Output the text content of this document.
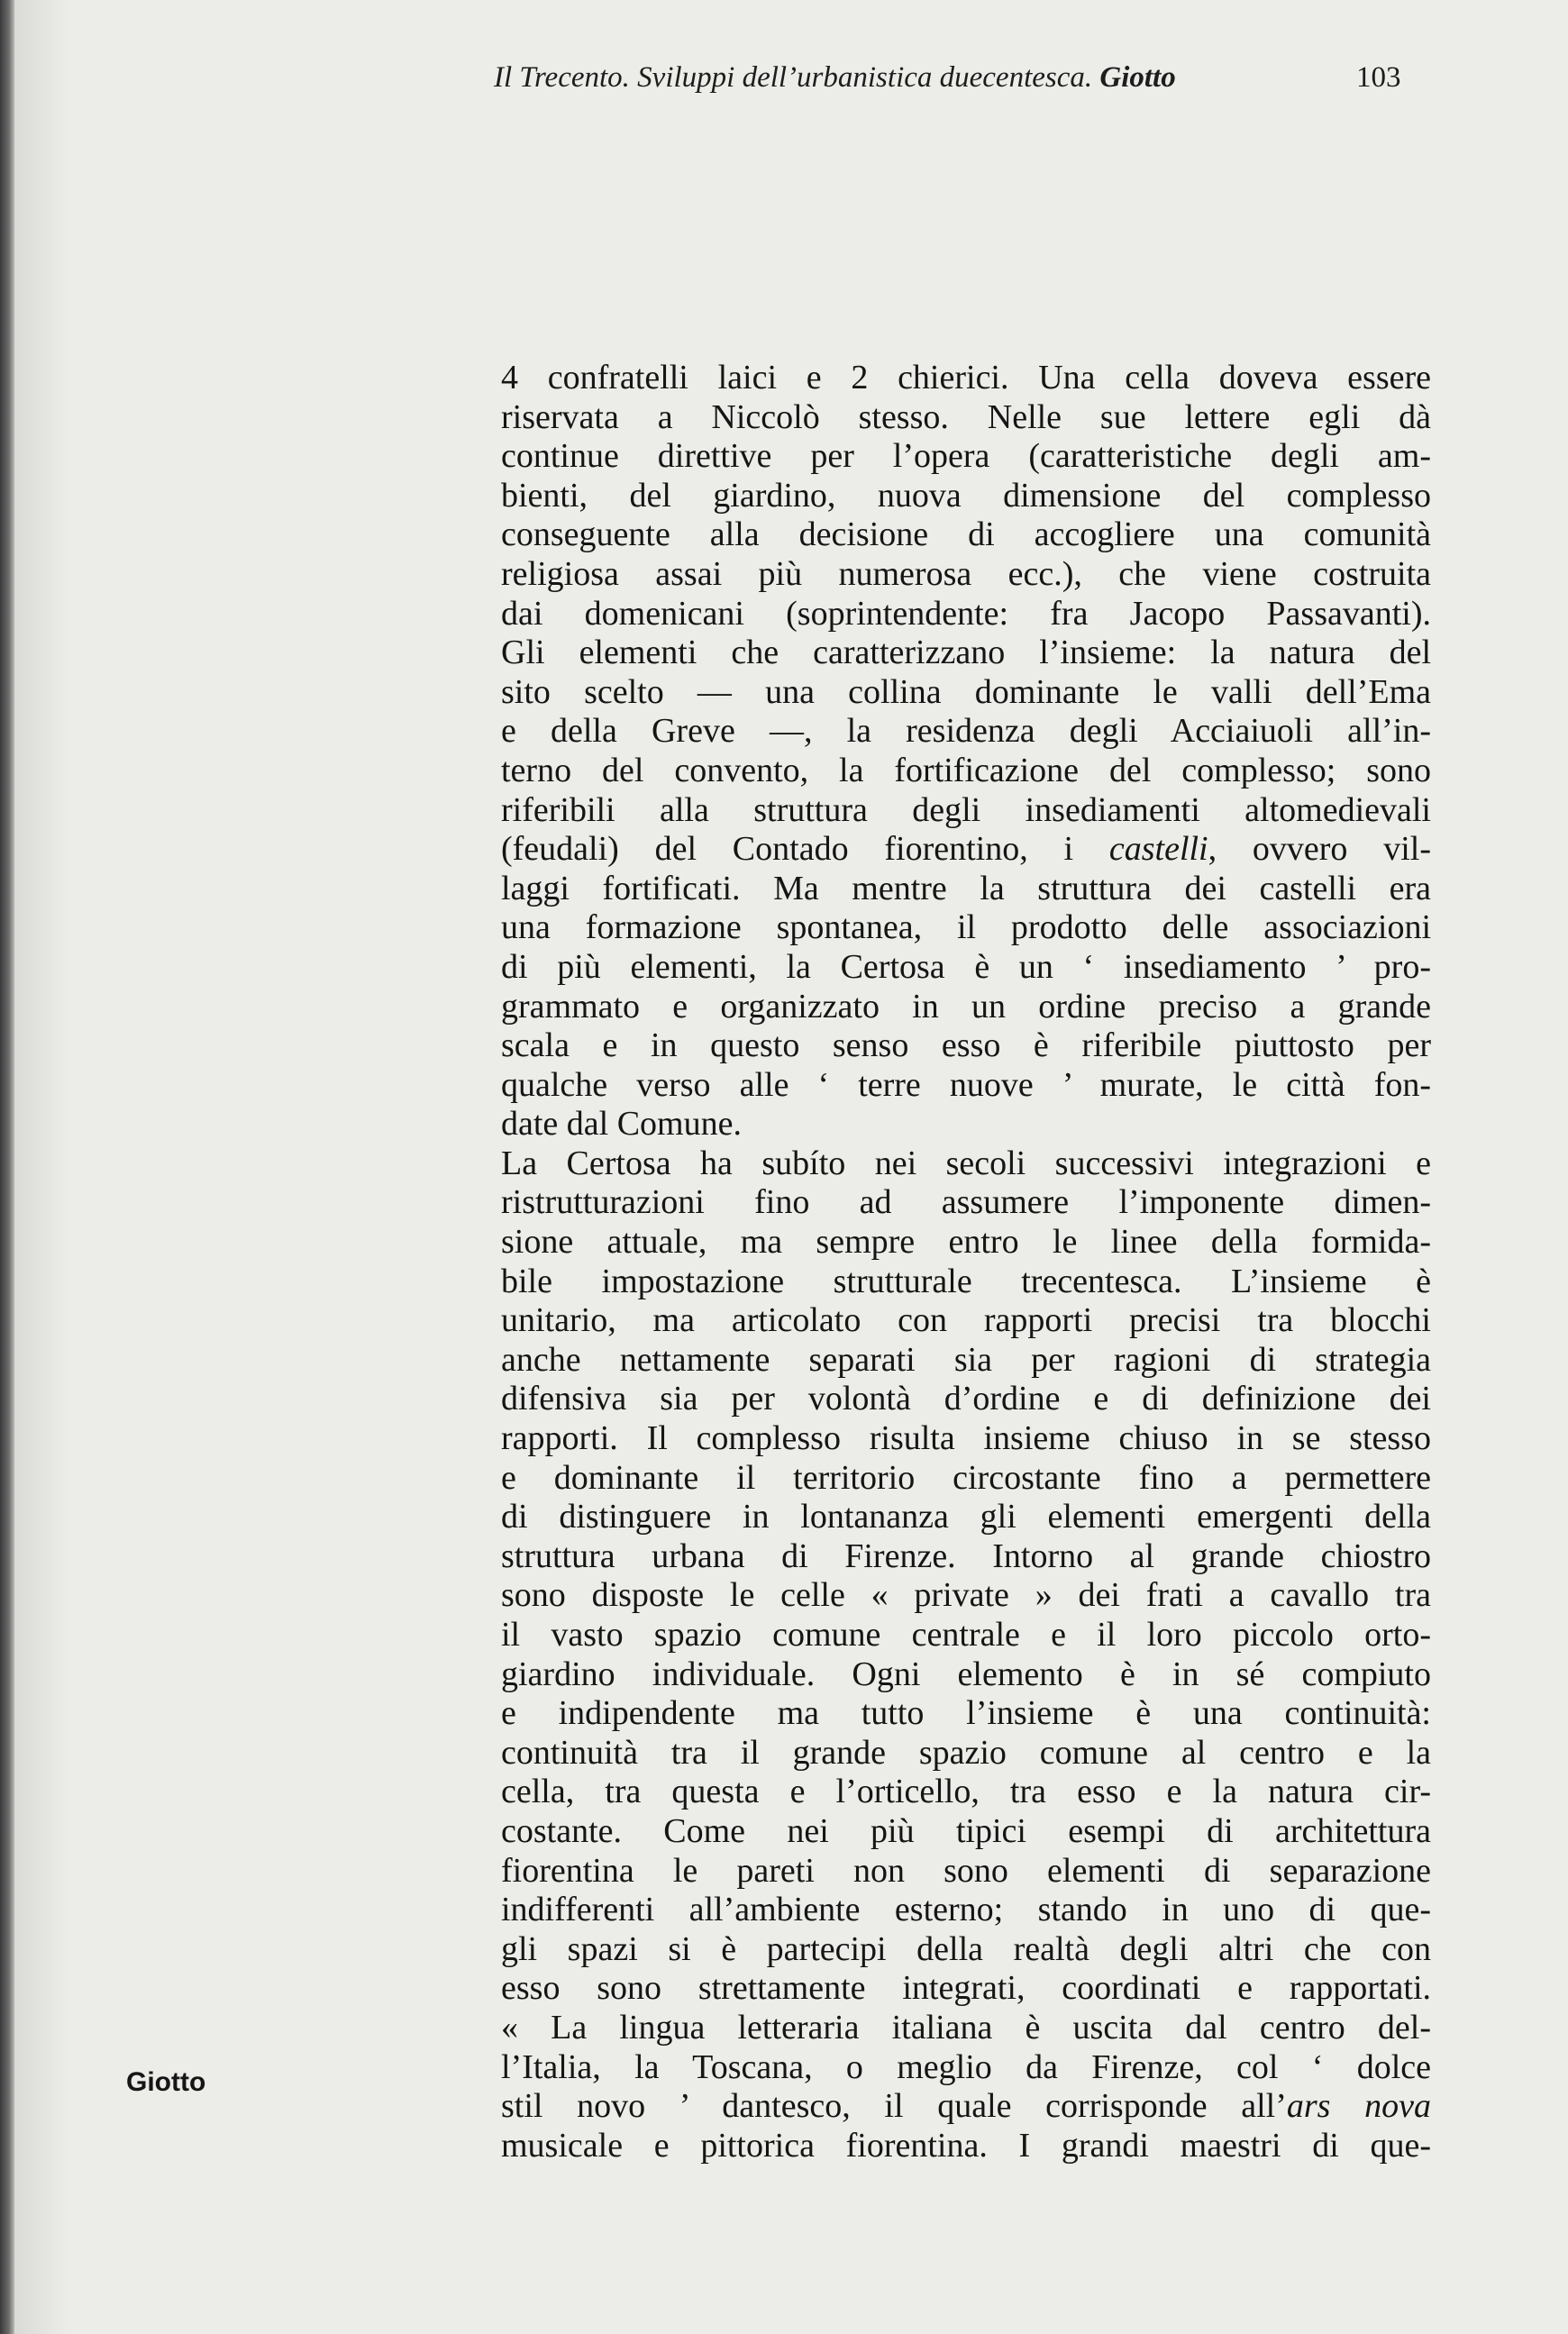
Il Trecento. Sviluppi dell’urbanistica duecentesca. Giotto	103
4 confratelli laici e 2 chierici. Una cella doveva essere
riservata a Niccolò stesso. Nelle sue lettere egli dà
continue direttive per l’opera (caratteristiche degli am-
bienti, del giardino, nuova dimensione del complesso
conseguente alla decisione di accogliere una comunità
religiosa assai più numerosa ecc.), che viene costruita
dai domenicani (soprintendente: fra Jacopo Passavanti).
Gli elementi che caratterizzano l’insieme: la natura del
sito scelto — una collina dominante le valli dell’Ema
e della Greve —, la residenza degli Acciaiuoli all’in-
terno del convento, la fortificazione del complesso; sono
riferibili alla struttura degli insediamenti altomedievali
(feudali) del Contado fiorentino, i castelli, ovvero vil-
laggi fortificati. Ma mentre la struttura dei castelli era
una formazione spontanea, il prodotto delle associazioni
di più elementi, la Certosa è un ‘ insediamento ’ pro-
grammato e organizzato in un ordine preciso a grande
scala e in questo senso esso è riferibile piuttosto per
qualche verso alle ‘ terre nuove ’ murate, le città fon-
date dal Comune.
La Certosa ha subíto nei secoli successivi integrazioni e
ristrutturazioni fino ad assumere l’imponente dimen-
sione attuale, ma sempre entro le linee della formida-
bile impostazione strutturale trecentesca. L’insieme è
unitario, ma articolato con rapporti precisi tra blocchi
anche nettamente separati sia per ragioni di strategia
difensiva sia per volontà d’ordine e di definizione dei
rapporti. Il complesso risulta insieme chiuso in se stesso
e dominante il territorio circostante fino a permettere
di distinguere in lontananza gli elementi emergenti della
struttura urbana di Firenze. Intorno al grande chiostro
sono disposte le celle « private » dei frati a cavallo tra
il vasto spazio comune centrale e il loro piccolo orto-
giardino individuale. Ogni elemento è in sé compiuto
e indipendente ma tutto l’insieme è una continuità:
continuità tra il grande spazio comune al centro e la
cella, tra questa e l’orticello, tra esso e la natura cir-
costante. Come nei più tipici esempi di architettura
fiorentina le pareti non sono elementi di separazione
indifferenti all’ambiente esterno; stando in uno di que-
gli spazi si è partecipi della realtà degli altri che con
esso sono strettamente integrati, coordinati e rapportati.
« La lingua letteraria italiana è uscita dal centro del-
l’Italia, la Toscana, o meglio da Firenze, col ‘ dolce
stil novo ’ dantesco, il quale corrisponde all’ars nova
musicale e pittorica fiorentina. I grandi maestri di que-
Giotto
